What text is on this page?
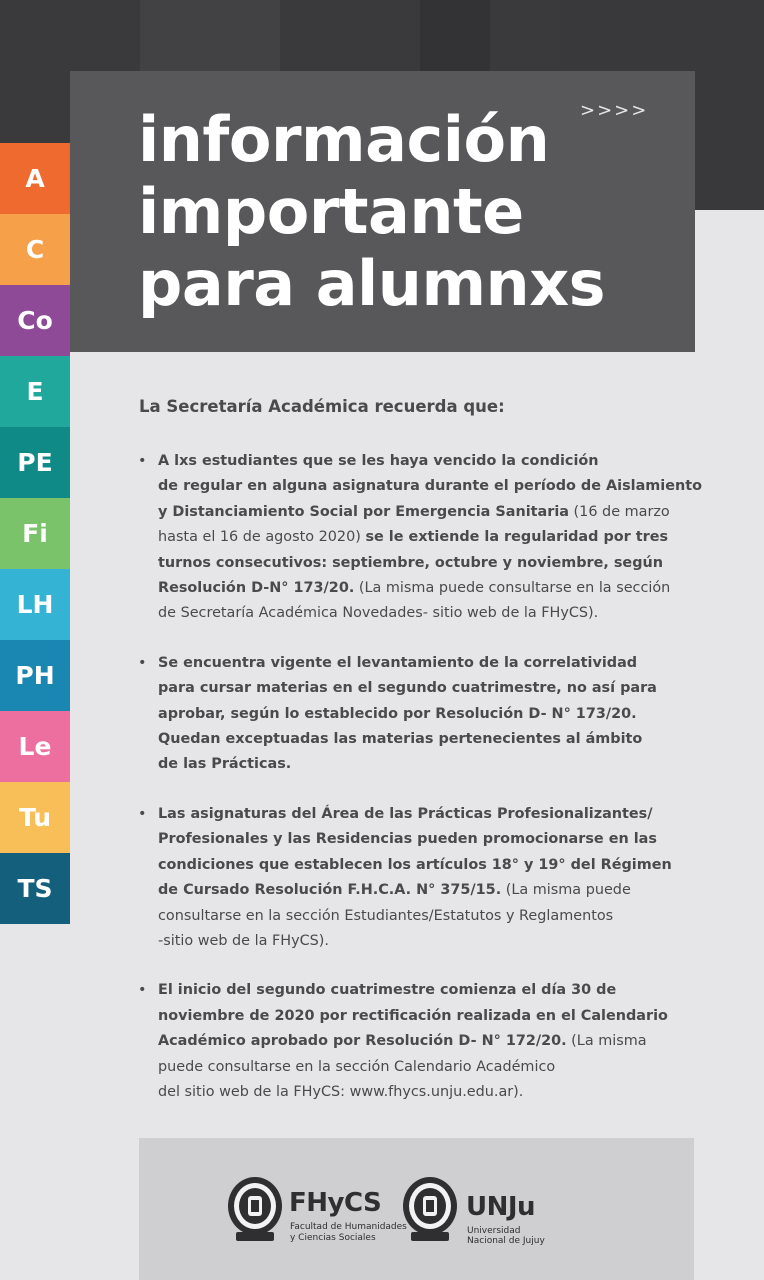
>>>>
información
importante
para alumnxs
A
C
Co
E
PE
Fi
LH
PH
Le
Tu
TS
La Secretaría Académica recuerda que:
• A lxs estudiantes que se les haya vencido la condición
de regular en alguna asignatura durante el período de Aislamiento
y Distanciamiento Social por Emergencia Sanitaria (16 de marzo
hasta el 16 de agosto 2020) se le extiende la regularidad por tres
turnos consecutivos: septiembre, octubre y noviembre, según
Resolución D-N° 173/20. (La misma puede consultarse en la sección
de Secretaría Académica Novedades- sitio web de la FHyCS).
• Se encuentra vigente el levantamiento de la correlatividad
para cursar materias en el segundo cuatrimestre, no así para
aprobar, según lo establecido por Resolución D- N° 173/20.
Quedan exceptuadas las materias pertenecientes al ámbito
de las Prácticas.
• Las asignaturas del Área de las Prácticas Profesionalizantes/
Profesionales y las Residencias pueden promocionarse en las
condiciones que establecen los artículos 18° y 19° del Régimen
de Cursado Resolución F.H.C.A. N° 375/15. (La misma puede
consultarse en la sección Estudiantes/Estatutos y Reglamentos
-sitio web de la FHyCS).
• El inicio del segundo cuatrimestre comienza el día 30 de
noviembre de 2020 por rectificación realizada en el Calendario
Académico aprobado por Resolución D- N° 172/20. (La misma
puede consultarse en la sección Calendario Académico
del sitio web de la FHyCS: www.fhycs.unju.edu.ar).
FHyCS
Facultad de Humanidades
y Ciencias Sociales
UNJu
Universidad
Nacional de Jujuy
